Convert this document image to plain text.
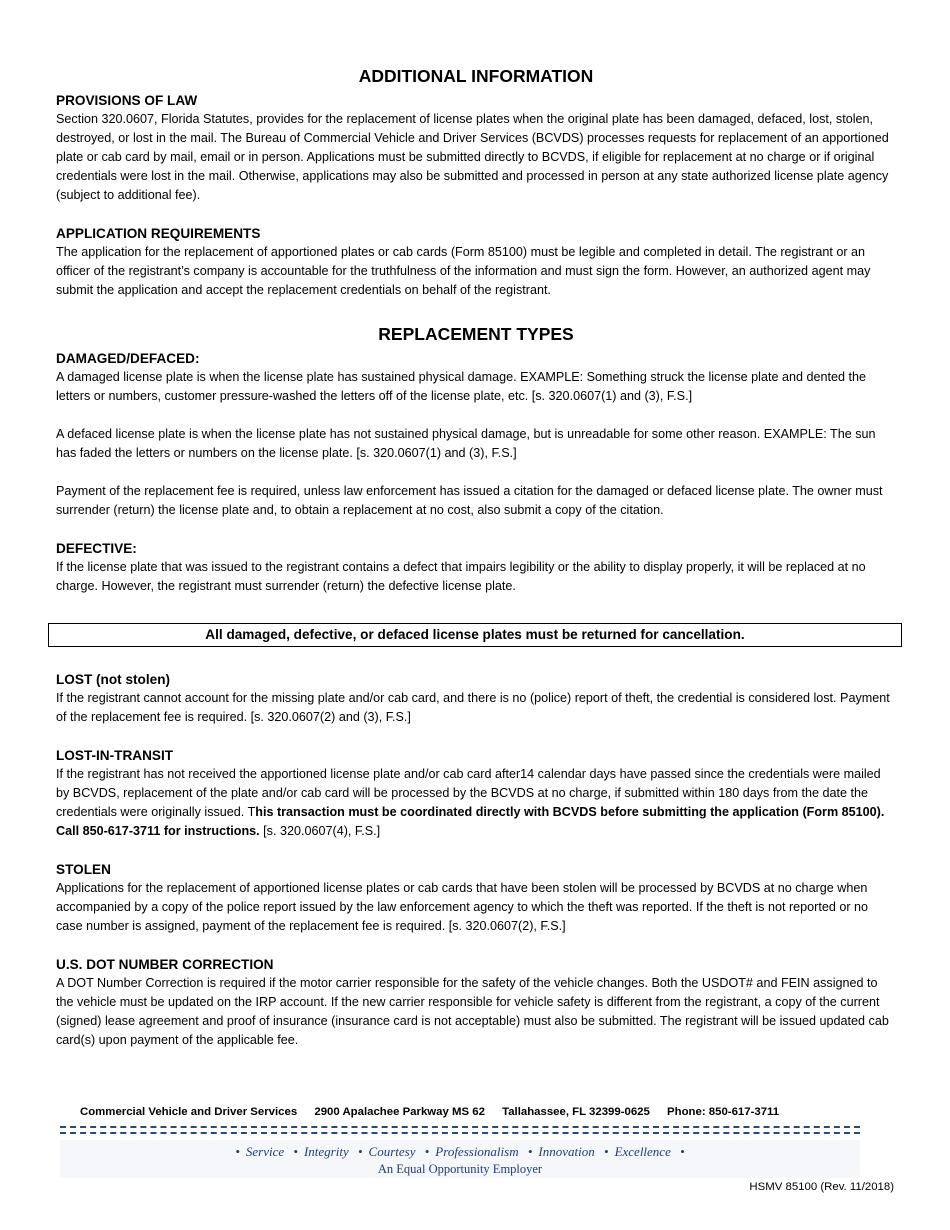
ADDITIONAL INFORMATION
PROVISIONS OF LAW

Section 320.0607, Florida Statutes, provides for the replacement of license plates when the original plate has been damaged, defaced, lost, stolen, destroyed, or lost in the mail. The Bureau of Commercial Vehicle and Driver Services (BCVDS) processes requests for replacement of an apportioned plate or cab card by mail, email or in person. Applications must be submitted directly to BCVDS, if eligible for replacement at no charge or if original credentials were lost in the mail. Otherwise, applications may also be submitted and processed in person at any state authorized license plate agency (subject to additional fee).

APPLICATION REQUIREMENTS

The application for the replacement of apportioned plates or cab cards (Form 85100) must be legible and completed in detail. The registrant or an officer of the registrant’s company is accountable for the truthfulness of the information and must sign the form. However, an authorized agent may submit the application and accept the replacement credentials on behalf of the registrant.

REPLACEMENT TYPES
DAMAGED/DEFACED:

A damaged license plate is when the license plate has sustained physical damage. EXAMPLE: Something struck the license plate and dented the letters or numbers, customer pressure-washed the letters off of the license plate, etc. [s. 320.0607(1) and (3), F.S.]

A defaced license plate is when the license plate has not sustained physical damage, but is unreadable for some other reason. EXAMPLE: The sun has faded the letters or numbers on the license plate. [s. 320.0607(1) and (3), F.S.]

Payment of the replacement fee is required, unless law enforcement has issued a citation for the damaged or defaced license plate. The owner must surrender (return) the license plate and, to obtain a replacement at no cost, also submit a copy of the citation.

DEFECTIVE:

If the license plate that was issued to the registrant contains a defect that impairs legibility or the ability to display properly, it will be replaced at no charge. However, the registrant must surrender (return) the defective license plate.

All damaged, defective, or defaced license plates must be returned for cancellation.
LOST (not stolen)

If the registrant cannot account for the missing plate and/or cab card, and there is no (police) report of theft, the credential is considered lost. Payment of the replacement fee is required. [s. 320.0607(2) and (3), F.S.]

LOST-IN-TRANSIT

If the registrant has not received the apportioned license plate and/or cab card after14 calendar days have passed since the credentials were mailed by BCVDS, replacement of the plate and/or cab card will be processed by the BCVDS at no charge, if submitted within 180 days from the date the credentials were originally issued. This transaction must be coordinated directly with BCVDS before submitting the application (Form 85100). Call 850-617-3711 for instructions. [s. 320.0607(4), F.S.]

STOLEN

Applications for the replacement of apportioned license plates or cab cards that have been stolen will be processed by BCVDS at no charge when accompanied by a copy of the police report issued by the law enforcement agency to which the theft was reported. If the theft is not reported or no case number is assigned, payment of the replacement fee is required. [s. 320.0607(2), F.S.]

U.S. DOT NUMBER CORRECTION

A DOT Number Correction is required if the motor carrier responsible for the safety of the vehicle changes. Both the USDOT# and FEIN assigned to the vehicle must be updated on the IRP account. If the new carrier responsible for vehicle safety is different from the registrant, a copy of the current (signed) lease agreement and proof of insurance (insurance card is not acceptable) must also be submitted. The registrant will be issued updated cab card(s) upon payment of the applicable fee.

Commercial Vehicle and Driver Services 2900 Apalachee Parkway MS 62 Tallahassee, FL 32399-0625 Phone: 850-617-3711
• Service • Integrity • Courtesy • Professionalism • Innovation • Excellence •
An Equal Opportunity Employer
HSMV 85100 (Rev. 11/2018)
